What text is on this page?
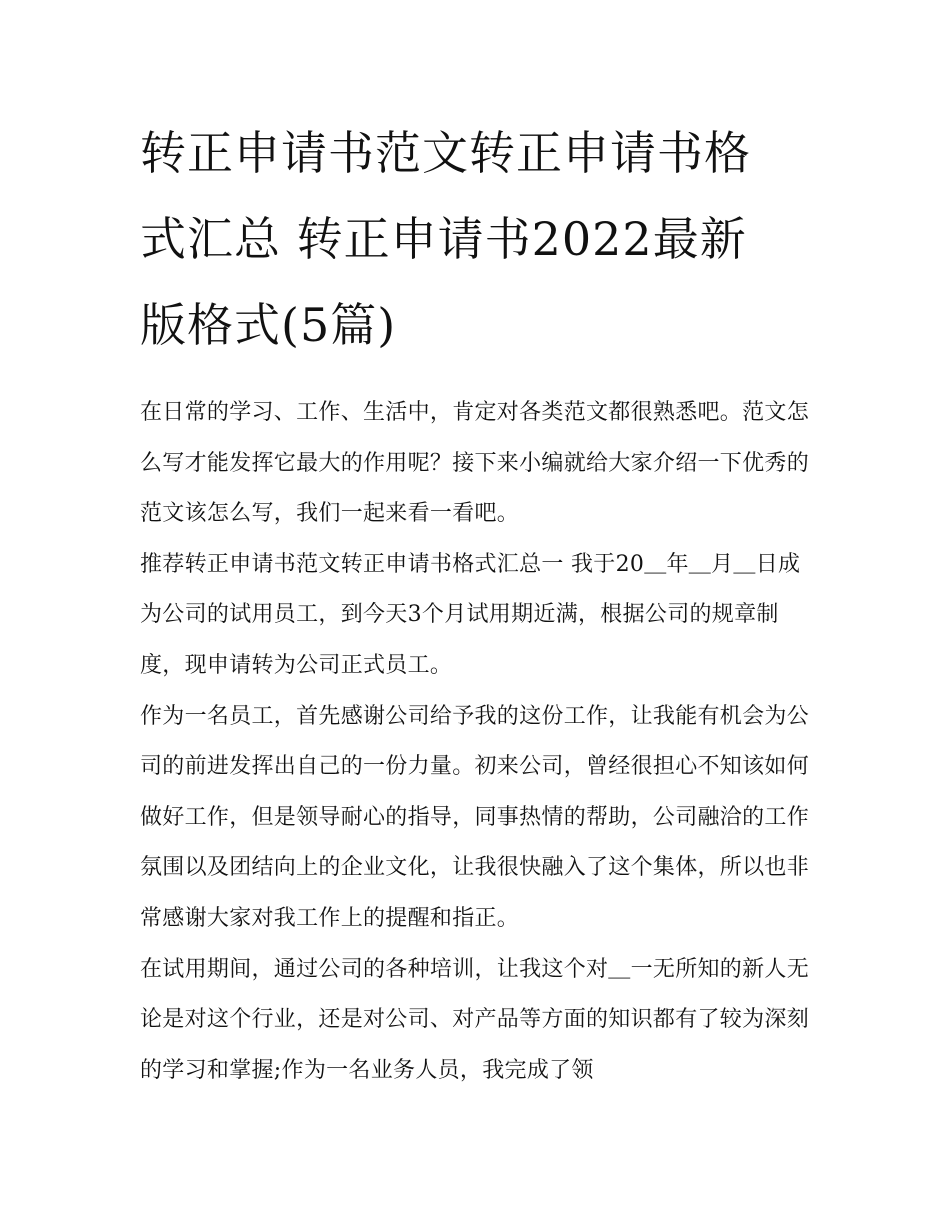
转正申请书范文转正申请书格
式汇总 转正申请书2022最新
版格式(5篇)

在日常的学习、工作、生活中，肯定对各类范文都很熟悉吧。范文怎么写才能发挥它最大的作用呢？接下来小编就给大家介绍一下优秀的范文该怎么写，我们一起来看一看吧。

推荐转正申请书范文转正申请书格式汇总一 我于20＿年＿月＿日成为公司的试用员工，到今天3个月试用期近满，根据公司的规章制度，现申请转为公司正式员工。

作为一名员工，首先感谢公司给予我的这份工作，让我能有机会为公司的前进发挥出自己的一份力量。初来公司，曾经很担心不知该如何做好工作，但是领导耐心的指导，同事热情的帮助，公司融洽的工作氛围以及团结向上的企业文化，让我很快融入了这个集体，所以也非常感谢大家对我工作上的提醒和指正。

在试用期间，通过公司的各种培训，让我这个对＿一无所知的新人无论是对这个行业，还是对公司、对产品等方面的知识都有了较为深刻的学习和掌握;作为一名业务人员，我完成了领
